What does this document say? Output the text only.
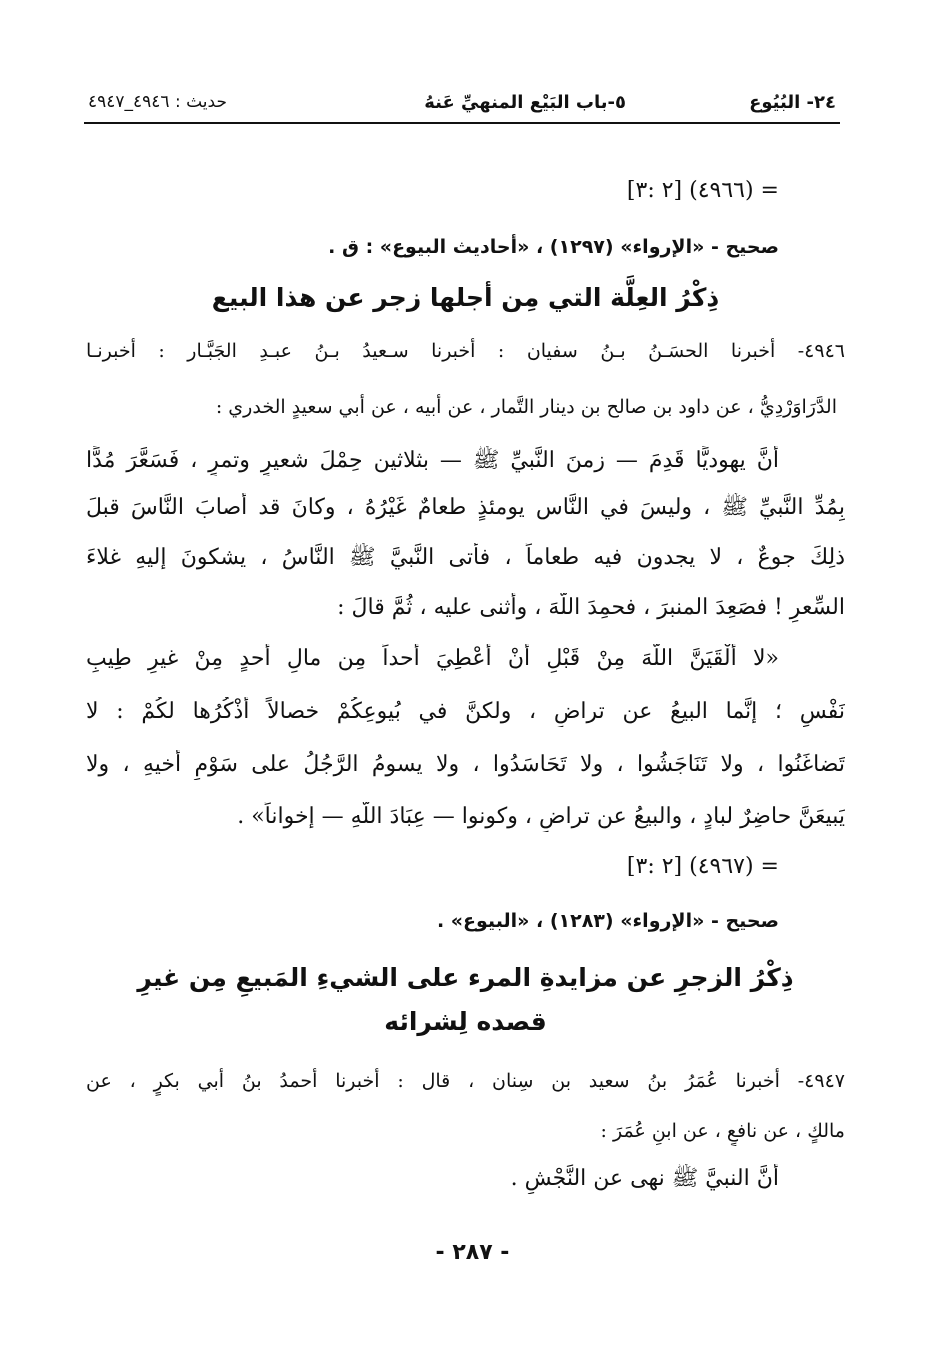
٢٤- البُيُوع
٥-باب البَيْع المنهيِّ عَنهُ
حديث : ٤٩٤٦_٤٩٤٧
= (٤٩٦٦) [٢ :٣]
صحيح - «الإرواء» (١٢٩٧) ، «أحاديث البيوع» : ق .
ذِكْرُ العِلَّة التي مِن أجلها زجر عن هذا البيع
٤٩٤٦- أخبرنا الحسَـنُ بـنُ سفيان : أخبرنا سـعيدُ بـنُ عبـدِ الجَبَّـار : أخبرنـا
الدَّرَاوَرْدِيُّ ، عن داود بن صالح بن دينار التَّمار ، عن أبيه ، عن أبي سعيدٍ الخدري :
أنَّ يهوديًّا قَدِمَ — زمنَ النَّبيِّ ﷺ — بثلاثين حِمْلَ شعيرٍ وتمرٍ ، فَسَعَّرَ مُدًّا
بِمُدِّ النَّبيِّ ﷺ ، وليسَ في النَّاس يومئذٍ طعامٌ غَيْرُهُ ، وكانَ قد أصابَ النَّاسَ قبلَ
ذلِكَ جوعٌ ، لا يجدون فيه طعاماً ، فأتى النَّبيَّ ﷺ النَّاسُ ، يشكونَ إليهِ غلاءَ
السِّعرِ ! فصَعِدَ المنبرَ ، فحمِدَ اللَّهَ ، وأثنى عليه ، ثُمَّ قالَ :
«لا أَلْقَيَنَّ اللَّهَ مِنْ قَبْلِ أنْ أُعْطِيَ أحداً مِن مالِ أحدٍ مِنْ غيرِ طِيبِ
نَفْسٍ ؛ إنَّما البيعُ عن تراضٍ ، ولكنَّ في بُيوعِكُمْ خصالاً أَذْكُرُها لكُمْ : لا
تَضاغَنُوا ، ولا تَنَاجَشُوا ، ولا تَحَاسَدُوا ، ولا يسومُ الرَّجُلُ على سَوْمِ أخيهِ ، ولا
يَبيعَنَّ حاضِرٌ لبادٍ ، والبيعُ عن تراضٍ ، وكونوا — عِبَادَ اللَّهِ — إخواناً» .
= (٤٩٦٧) [٢ :٣]
صحيح - «الإرواء» (١٢٨٣) ، «البيوع» .
ذِكْرُ الزجرِ عن مزايدةِ المرء على الشيءِ المَبيعِ مِن غيرِ
قصده لِشرائه
٤٩٤٧- أخبرنا عُمَرُ بنُ سعيد بن سِنان ، قال : أخبرنا أحمدُ بنُ أبي بكرٍ ، عن
مالكٍ ، عن نافعٍ ، عن ابنِ عُمَرَ :
أنَّ النبيَّ ﷺ نهى عن النَّجْشِ .
- ٢٨٧ -
